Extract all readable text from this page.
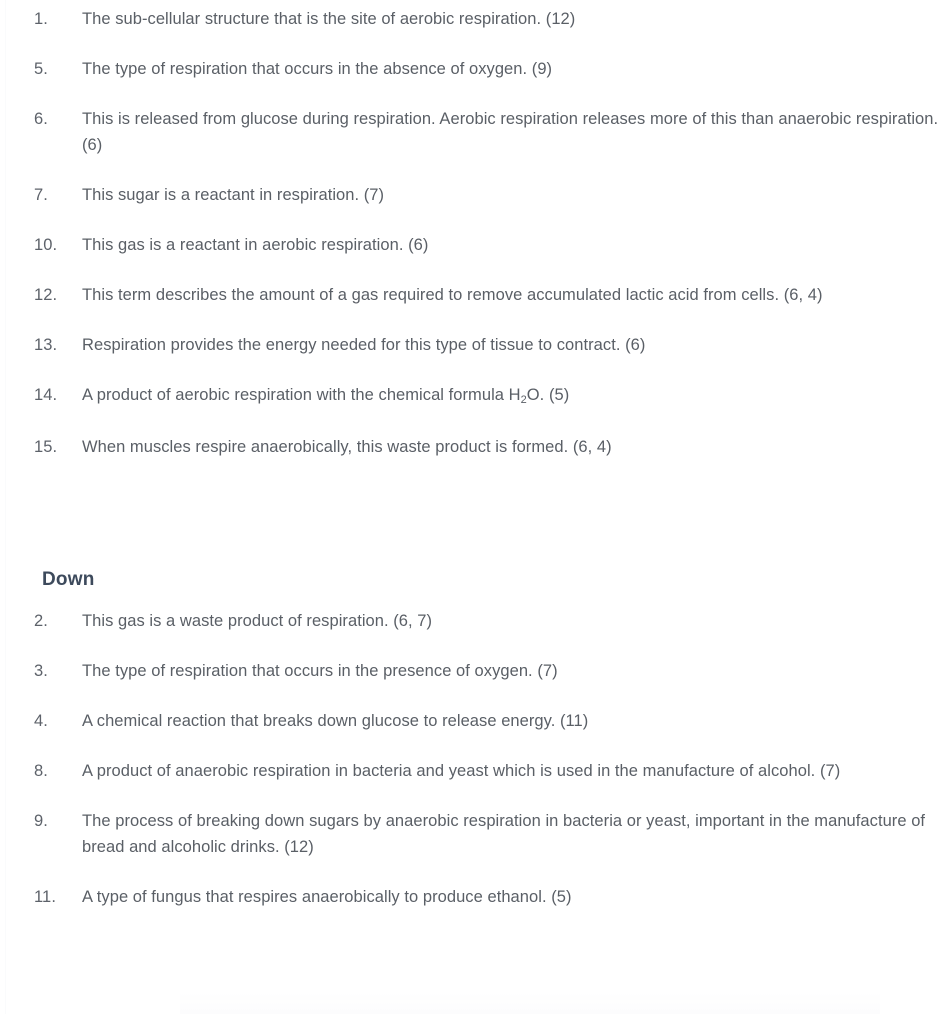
1.	The sub-cellular structure that is the site of aerobic respiration. (12)
5.	The type of respiration that occurs in the absence of oxygen. (9)
6.	This is released from glucose during respiration. Aerobic respiration releases more of this than anaerobic respiration. (6)
7.	This sugar is a reactant in respiration. (7)
10.	This gas is a reactant in aerobic respiration. (6)
12.	This term describes the amount of a gas required to remove accumulated lactic acid from cells. (6, 4)
13.	Respiration provides the energy needed for this type of tissue to contract. (6)
14.	A product of aerobic respiration with the chemical formula $H_2O$. (5)
15.	When muscles respire anaerobically, this waste product is formed. (6, 4)
Down
2.	This gas is a waste product of respiration. (6, 7)
3.	The type of respiration that occurs in the presence of oxygen. (7)
4.	A chemical reaction that breaks down glucose to release energy. (11)
8.	A product of anaerobic respiration in bacteria and yeast which is used in the manufacture of alcohol. (7)
9.	The process of breaking down sugars by anaerobic respiration in bacteria or yeast, important in the manufacture of bread and alcoholic drinks. (12)
11.	A type of fungus that respires anaerobically to produce ethanol. (5)
